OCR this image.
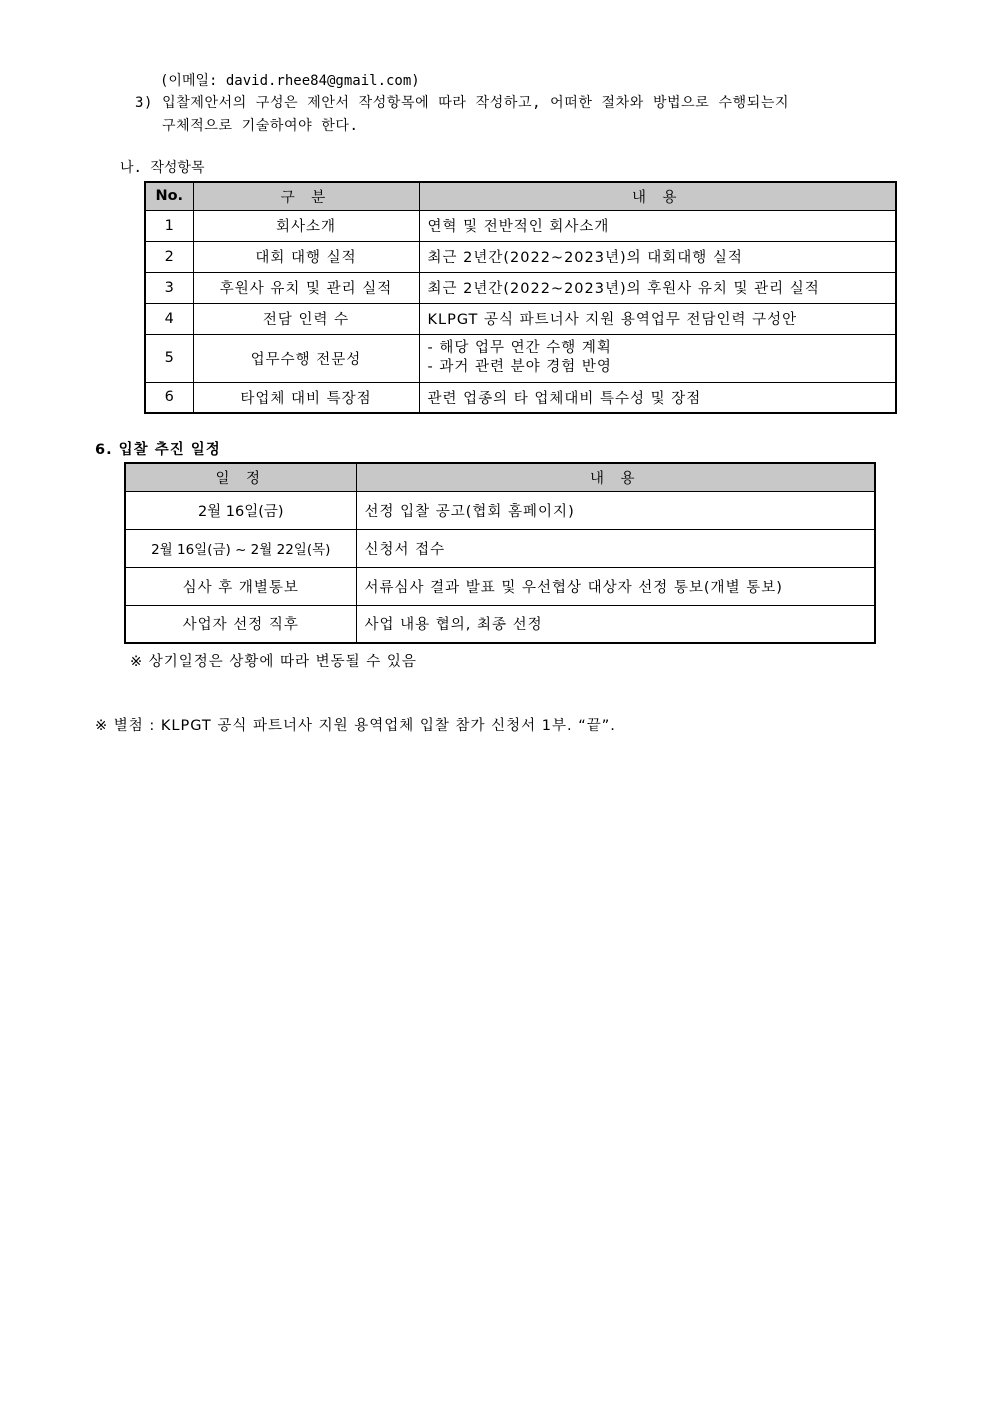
(이메일: david.rhee84@gmail.com)
3) 입찰제안서의 구성은 제안서 작성항목에 따라 작성하고, 어떠한 절차와 방법으로 수행되는지
구체적으로 기술하여야 한다.
나. 작성항목
No.	구 분	내 용
1	회사소개	연혁 및 전반적인 회사소개
2	대회 대행 실적	최근 2년간(2022~2023년)의 대회대행 실적
3	후원사 유치 및 관리 실적	최근 2년간(2022~2023년)의 후원사 유치 및 관리 실적
4	전담 인력 수	KLPGT 공식 파트너사 지원 용역업무 전담인력 구성안
5	업무수행 전문성	- 해당 업무 연간 수행 계획
- 과거 관련 분야 경험 반영

6	타업체 대비 특장점	관련 업종의 타 업체대비 특수성 및 장점
6. 입찰 추진 일정
일 정	내 용
2월 16일(금)	선정 입찰 공고(협회 홈페이지)
2월 16일(금) ~ 2월 22일(목)	신청서 접수
심사 후 개별통보	서류심사 결과 발표 및 우선협상 대상자 선정 통보(개별 통보)
사업자 선정 직후	사업 내용 협의, 최종 선정
※ 상기일정은 상황에 따라 변동될 수 있음
※ 별첨 : KLPGT 공식 파트너사 지원 용역업체 입찰 참가 신청서 1부. “끝”.
